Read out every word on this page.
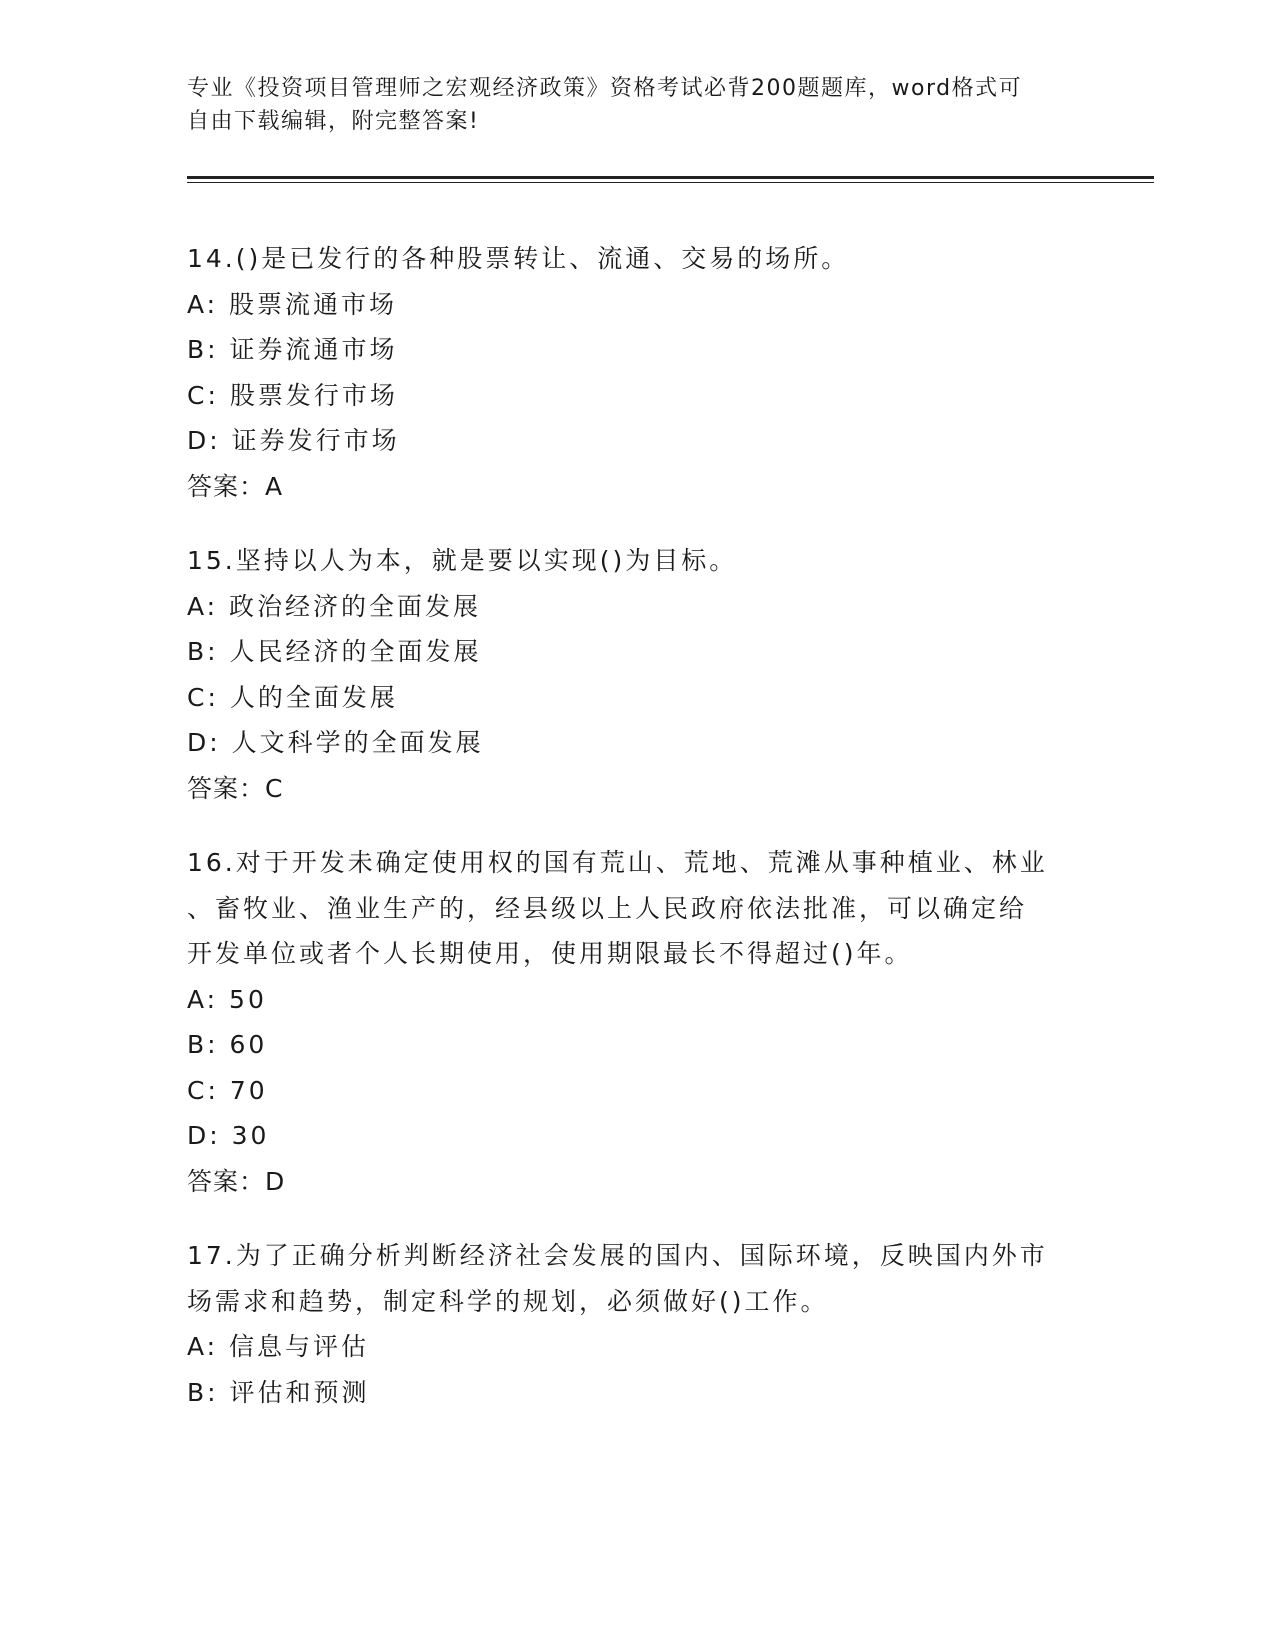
专业《投资项目管理师之宏观经济政策》资格考试必背200题题库，word格式可
自由下载编辑，附完整答案!
14.()是已发行的各种股票转让、流通、交易的场所。
A: 股票流通市场
B: 证券流通市场
C: 股票发行市场
D: 证券发行市场
答案：A
15.坚持以人为本，就是要以实现()为目标。
A: 政治经济的全面发展
B: 人民经济的全面发展
C: 人的全面发展
D: 人文科学的全面发展
答案：C
16.对于开发未确定使用权的国有荒山、荒地、荒滩从事种植业、林业
、畜牧业、渔业生产的，经县级以上人民政府依法批准，可以确定给
开发单位或者个人长期使用，使用期限最长不得超过()年。
A: 50
B: 60
C: 70
D: 30
答案：D
17.为了正确分析判断经济社会发展的国内、国际环境，反映国内外市
场需求和趋势，制定科学的规划，必须做好()工作。
A: 信息与评估
B: 评估和预测
